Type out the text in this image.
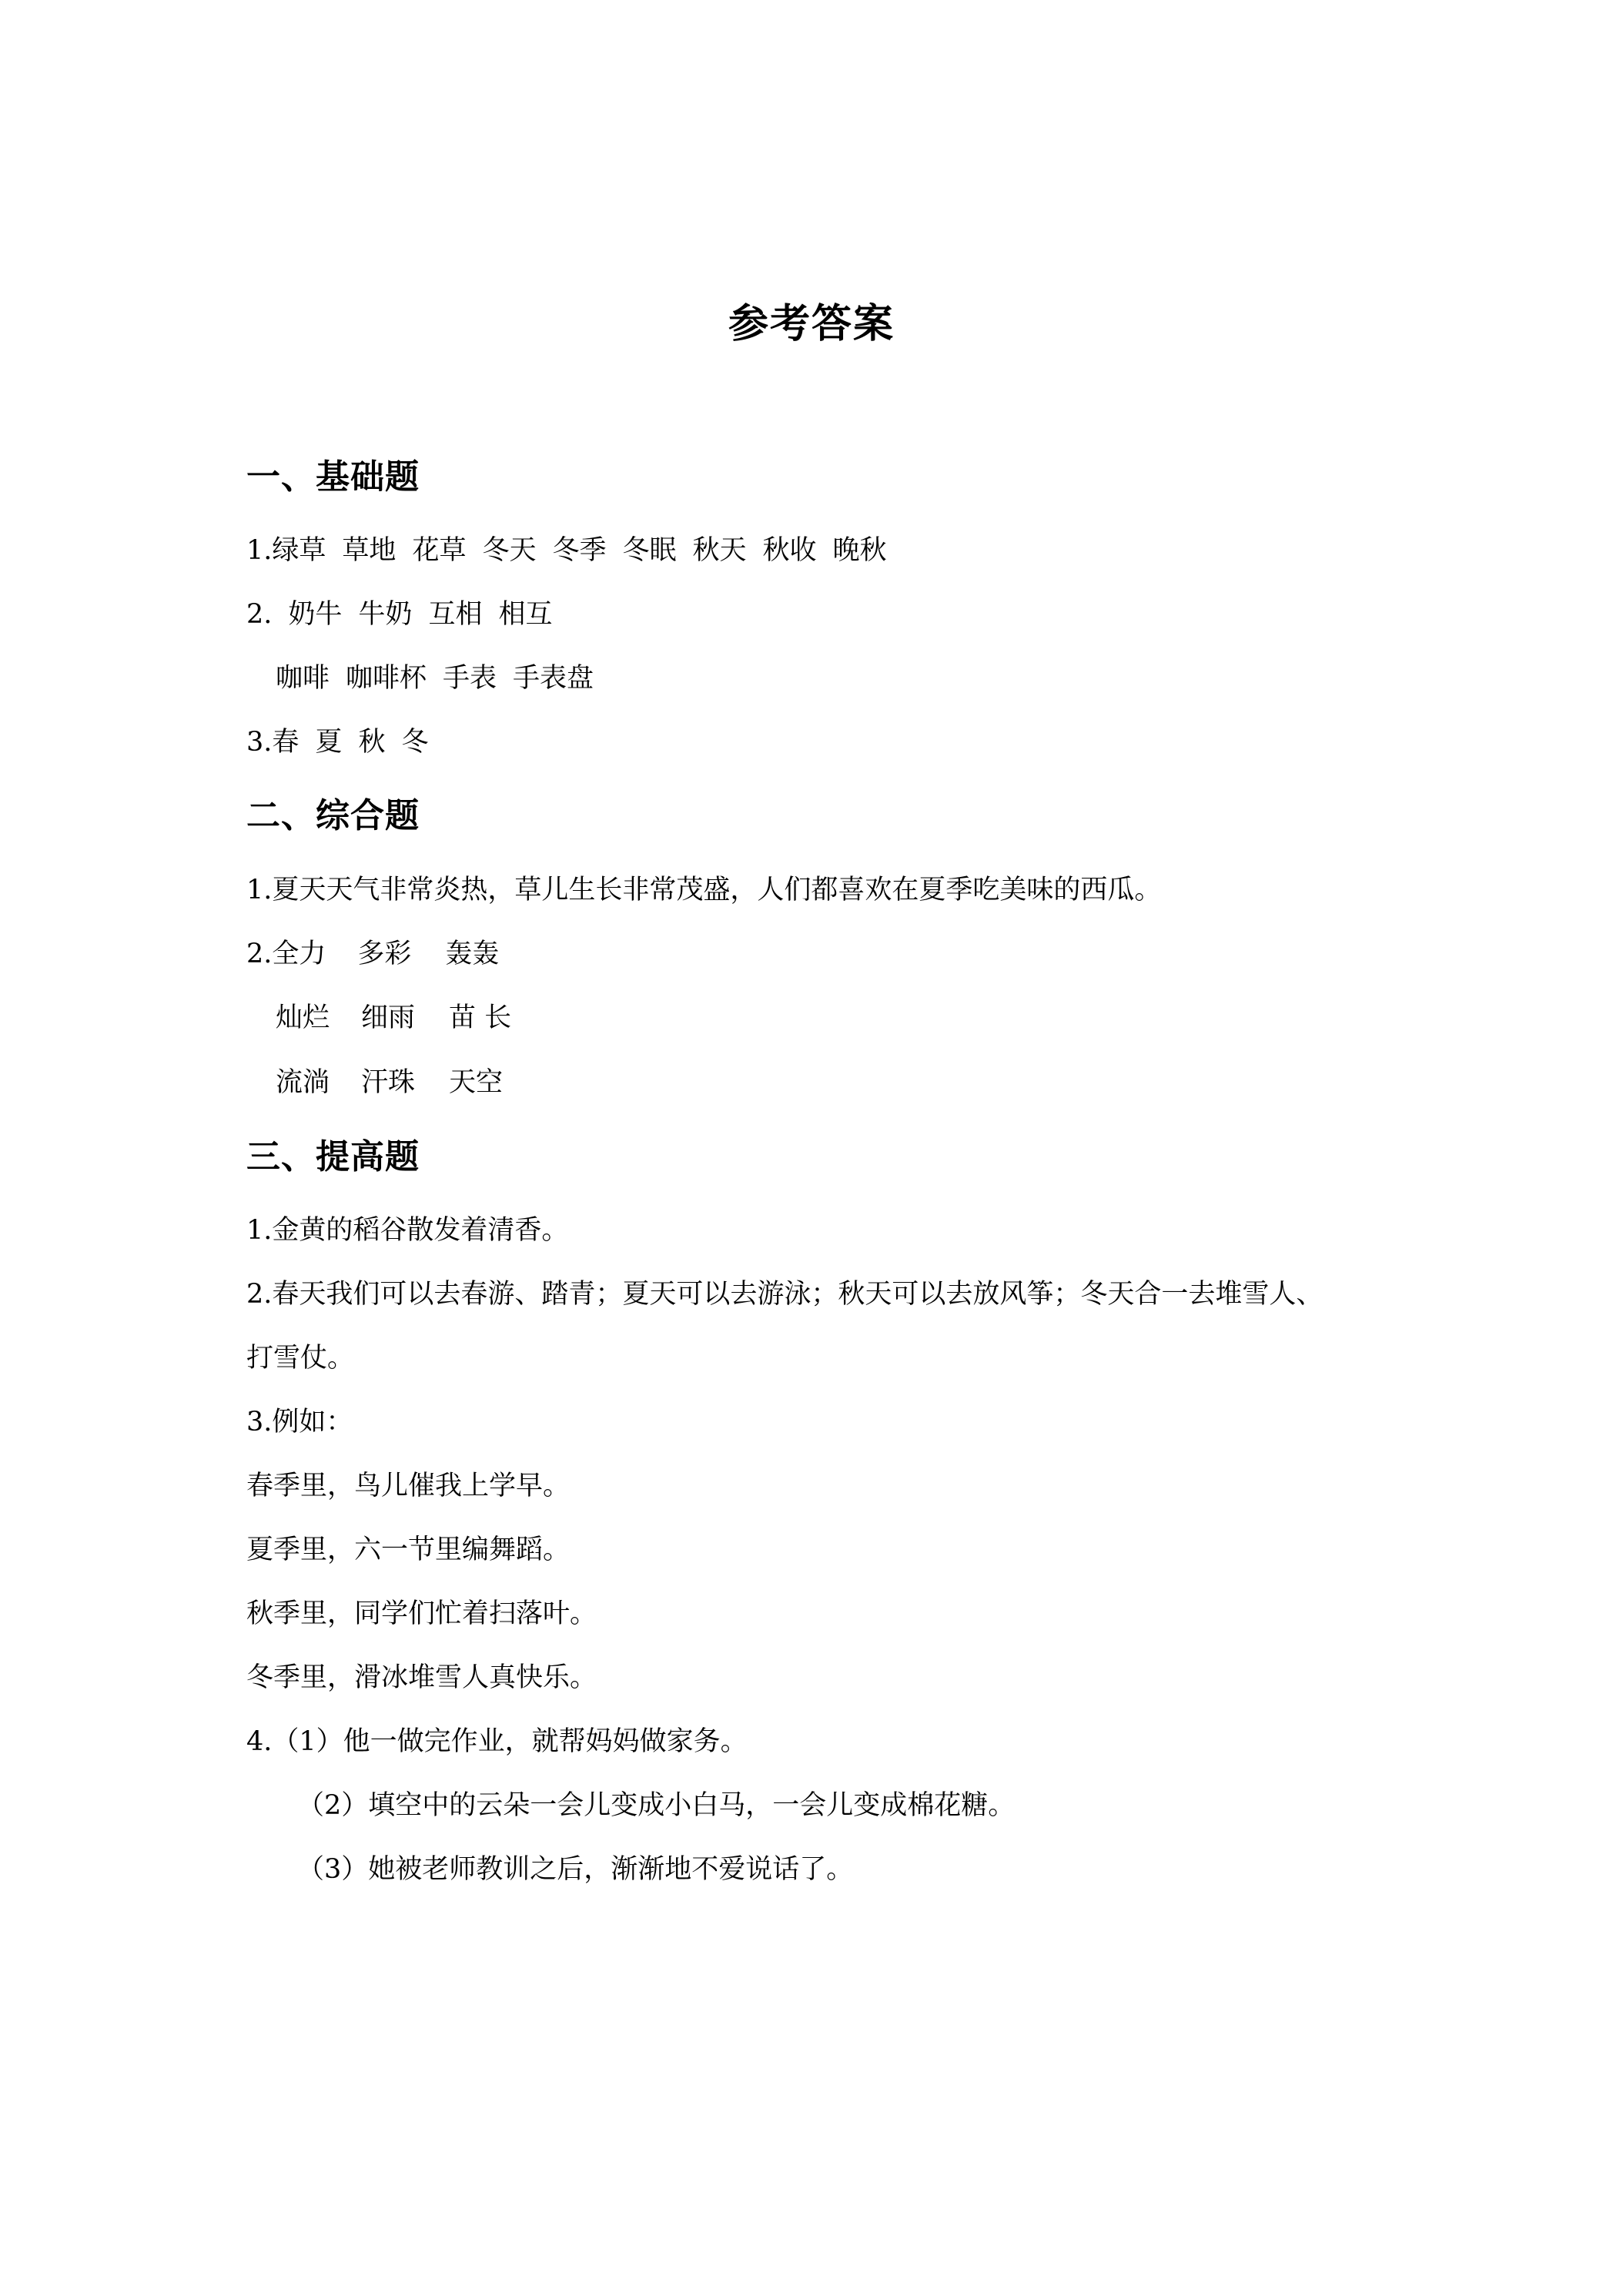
参考答案
一、基础题
1.绿草 草地 花草 冬天 冬季 冬眠 秋天 秋收 晚秋
2. 奶牛 牛奶 互相 相互
咖啡 咖啡杯 手表 手表盘
3.春 夏 秋 冬
二、综合题
1.夏天天气非常炎热，草儿生长非常茂盛，人们都喜欢在夏季吃美味的西瓜。
2.全力 多彩 轰轰
灿烂 细雨 苗 长
流淌 汗珠 天空
三、提高题
1.金黄的稻谷散发着清香。
2.春天我们可以去春游、踏青；夏天可以去游泳；秋天可以去放风筝；冬天合一去堆雪人、
打雪仗。
3.例如：
春季里，鸟儿催我上学早。
夏季里，六一节里编舞蹈。
秋季里，同学们忙着扫落叶。
冬季里，滑冰堆雪人真快乐。
4.（1）他一做完作业，就帮妈妈做家务。
（2）填空中的云朵一会儿变成小白马，一会儿变成棉花糖。
（3）她被老师教训之后，渐渐地不爱说话了。
